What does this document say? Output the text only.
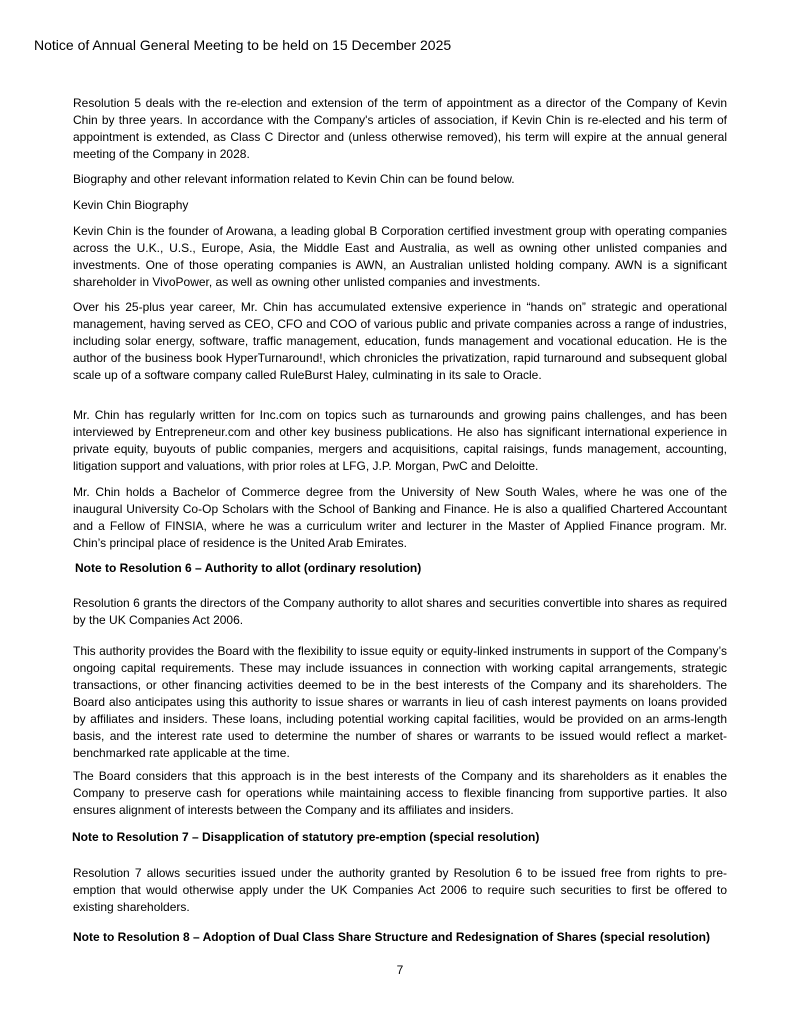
Notice of Annual General Meeting to be held on 15 December 2025

Resolution 5 deals with the re-election and extension of the term of appointment as a director of the Company of Kevin Chin by three years. In accordance with the Company's articles of association, if Kevin Chin is re-elected and his term of appointment is extended, as Class C Director and (unless otherwise removed), his term will expire at the annual general meeting of the Company in 2028.

Biography and other relevant information related to Kevin Chin can be found below.

Kevin Chin Biography

Kevin Chin is the founder of Arowana, a leading global B Corporation certified investment group with operating companies across the U.K., U.S., Europe, Asia, the Middle East and Australia, as well as owning other unlisted companies and investments. One of those operating companies is AWN, an Australian unlisted holding company. AWN is a significant shareholder in VivoPower, as well as owning other unlisted companies and investments.

Over his 25-plus year career, Mr. Chin has accumulated extensive experience in “hands on” strategic and operational management, having served as CEO, CFO and COO of various public and private companies across a range of industries, including solar energy, software, traffic management, education, funds management and vocational education. He is the author of the business book HyperTurnaround!, which chronicles the privatization, rapid turnaround and subsequent global scale up of a software company called RuleBurst Haley, culminating in its sale to Oracle.

Mr. Chin has regularly written for Inc.com on topics such as turnarounds and growing pains challenges, and has been interviewed by Entrepreneur.com and other key business publications. He also has significant international experience in private equity, buyouts of public companies, mergers and acquisitions, capital raisings, funds management, accounting, litigation support and valuations, with prior roles at LFG, J.P. Morgan, PwC and Deloitte.

Mr. Chin holds a Bachelor of Commerce degree from the University of New South Wales, where he was one of the inaugural University Co-Op Scholars with the School of Banking and Finance. He is also a qualified Chartered Accountant and a Fellow of FINSIA, where he was a curriculum writer and lecturer in the Master of Applied Finance program. Mr. Chin’s principal place of residence is the United Arab Emirates.

Note to Resolution 6 – Authority to allot (ordinary resolution)

Resolution 6 grants the directors of the Company authority to allot shares and securities convertible into shares as required by the UK Companies Act 2006.

This authority provides the Board with the flexibility to issue equity or equity-linked instruments in support of the Company’s ongoing capital requirements. These may include issuances in connection with working capital arrangements, strategic transactions, or other financing activities deemed to be in the best interests of the Company and its shareholders. The Board also anticipates using this authority to issue shares or warrants in lieu of cash interest payments on loans provided by affiliates and insiders. These loans, including potential working capital facilities, would be provided on an arms-length basis, and the interest rate used to determine the number of shares or warrants to be issued would reflect a market-benchmarked rate applicable at the time.

The Board considers that this approach is in the best interests of the Company and its shareholders as it enables the Company to preserve cash for operations while maintaining access to flexible financing from supportive parties. It also ensures alignment of interests between the Company and its affiliates and insiders.

Note to Resolution 7 – Disapplication of statutory pre-emption (special resolution)

Resolution 7 allows securities issued under the authority granted by Resolution 6 to be issued free from rights to pre-emption that would otherwise apply under the UK Companies Act 2006 to require such securities to first be offered to existing shareholders.

Note to Resolution 8 – Adoption of Dual Class Share Structure and Redesignation of Shares (special resolution)

7
